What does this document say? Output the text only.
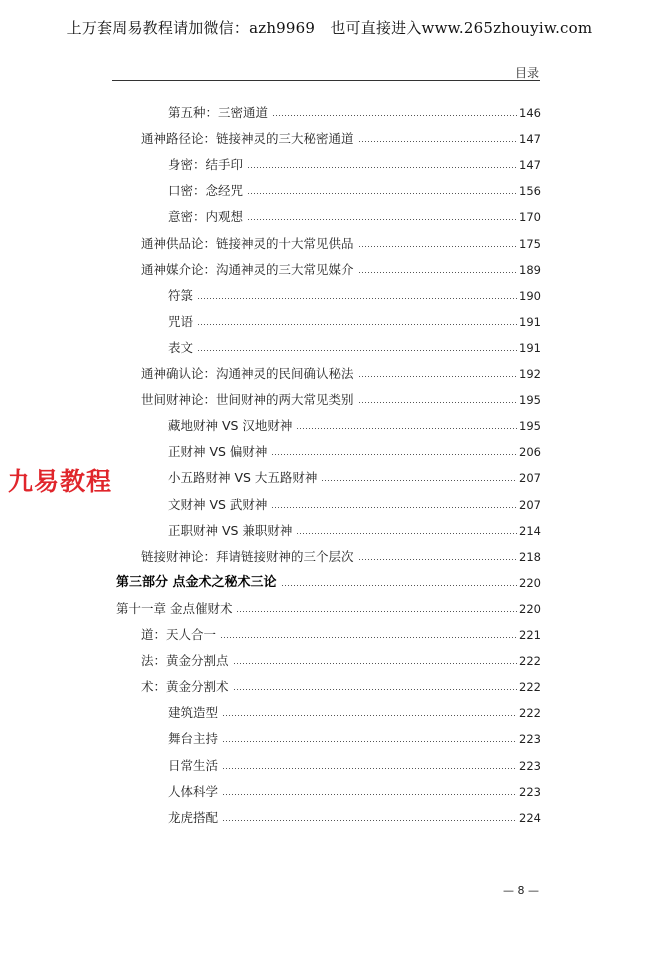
上万套周易教程请加微信：azh9969　也可直接进入www.265zhouyiw.com
目录
第五种：三密通道	146
通神路径论：链接神灵的三大秘密通道	147
身密：结手印	147
口密：念经咒	156
意密：内观想	170
通神供品论：链接神灵的十大常见供品	175
通神媒介论：沟通神灵的三大常见媒介	189
符箓	190
咒语	191
表文	191
通神确认论：沟通神灵的民间确认秘法	192
世间财神论：世间财神的两大常见类别	195
藏地财神 VS 汉地财神	195
正财神 VS 偏财神	206
小五路财神 VS 大五路财神	207
文财神 VS 武财神	207
正职财神 VS 兼职财神	214
链接财神论：拜请链接财神的三个层次	218
第三部分 点金术之秘术三论	220
第十一章 金点催财术	220
道：天人合一	221
法：黄金分割点	222
术：黄金分割术	222
建筑造型	222
舞台主持	223
日常生活	223
人体科学	223
龙虎搭配	224
九易教程
— 8 —
